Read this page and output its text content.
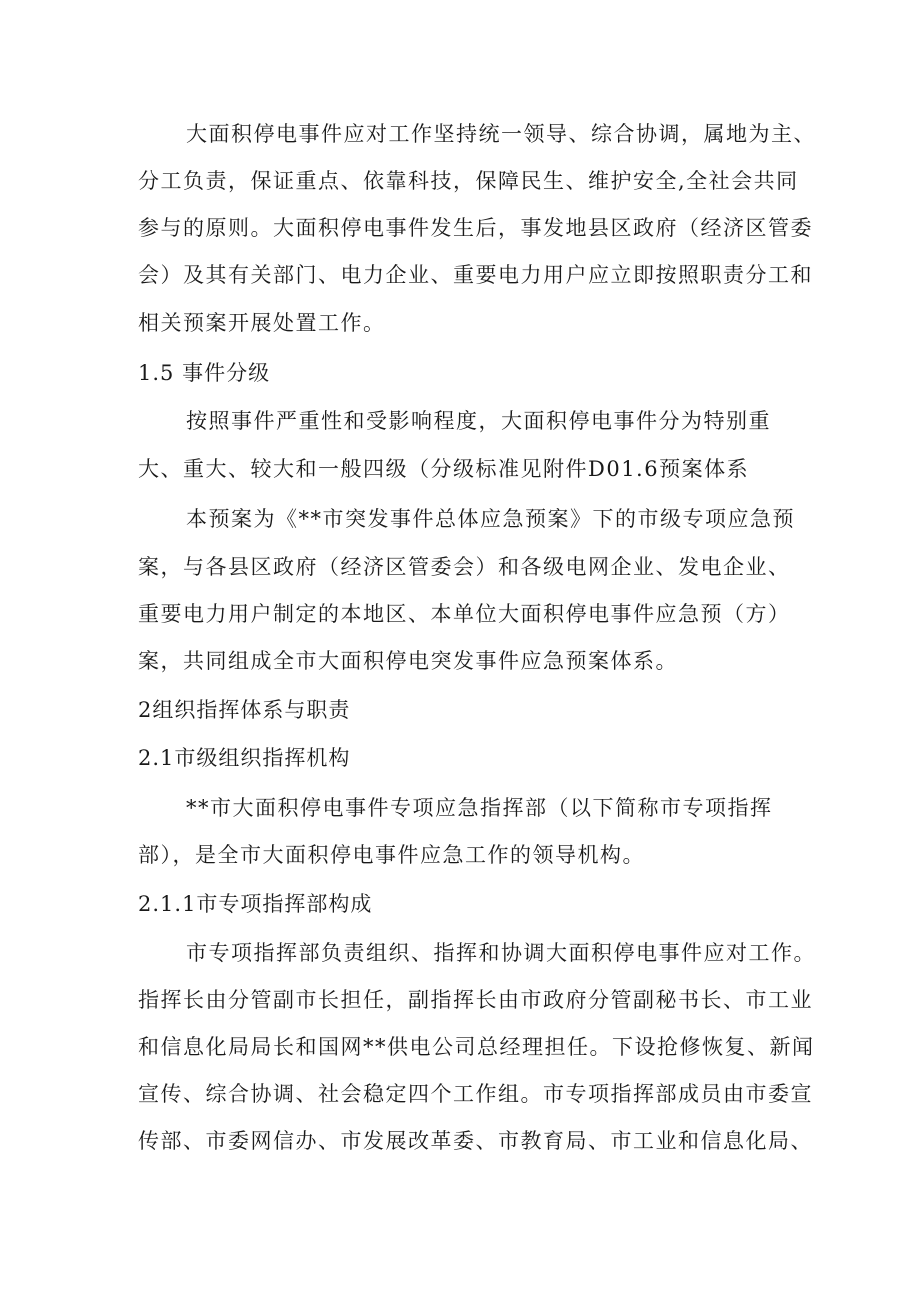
大面积停电事件应对工作坚持统一领导、综合协调，属地为主、
分工负责，保证重点、依靠科技，保障民生、维护安全,全社会共同
参与的原则。大面积停电事件发生后，事发地县区政府（经济区管委
会）及其有关部门、电力企业、重要电力用户应立即按照职责分工和
相关预案开展处置工作。
1.5 事件分级
按照事件严重性和受影响程度，大面积停电事件分为特别重
大、重大、较大和一般四级（分级标准见附件D01.6预案体系
本预案为《**市突发事件总体应急预案》下的市级专项应急预
案，与各县区政府（经济区管委会）和各级电网企业、发电企业、
重要电力用户制定的本地区、本单位大面积停电事件应急预（方）
案，共同组成全市大面积停电突发事件应急预案体系。
2组织指挥体系与职责
2.1市级组织指挥机构
**市大面积停电事件专项应急指挥部（以下简称市专项指挥
部），是全市大面积停电事件应急工作的领导机构。
2.1.1市专项指挥部构成
市专项指挥部负责组织、指挥和协调大面积停电事件应对工作。
指挥长由分管副市长担任，副指挥长由市政府分管副秘书长、市工业
和信息化局局长和国网**供电公司总经理担任。下设抢修恢复、新闻
宣传、综合协调、社会稳定四个工作组。市专项指挥部成员由市委宣
传部、市委网信办、市发展改革委、市教育局、市工业和信息化局、
